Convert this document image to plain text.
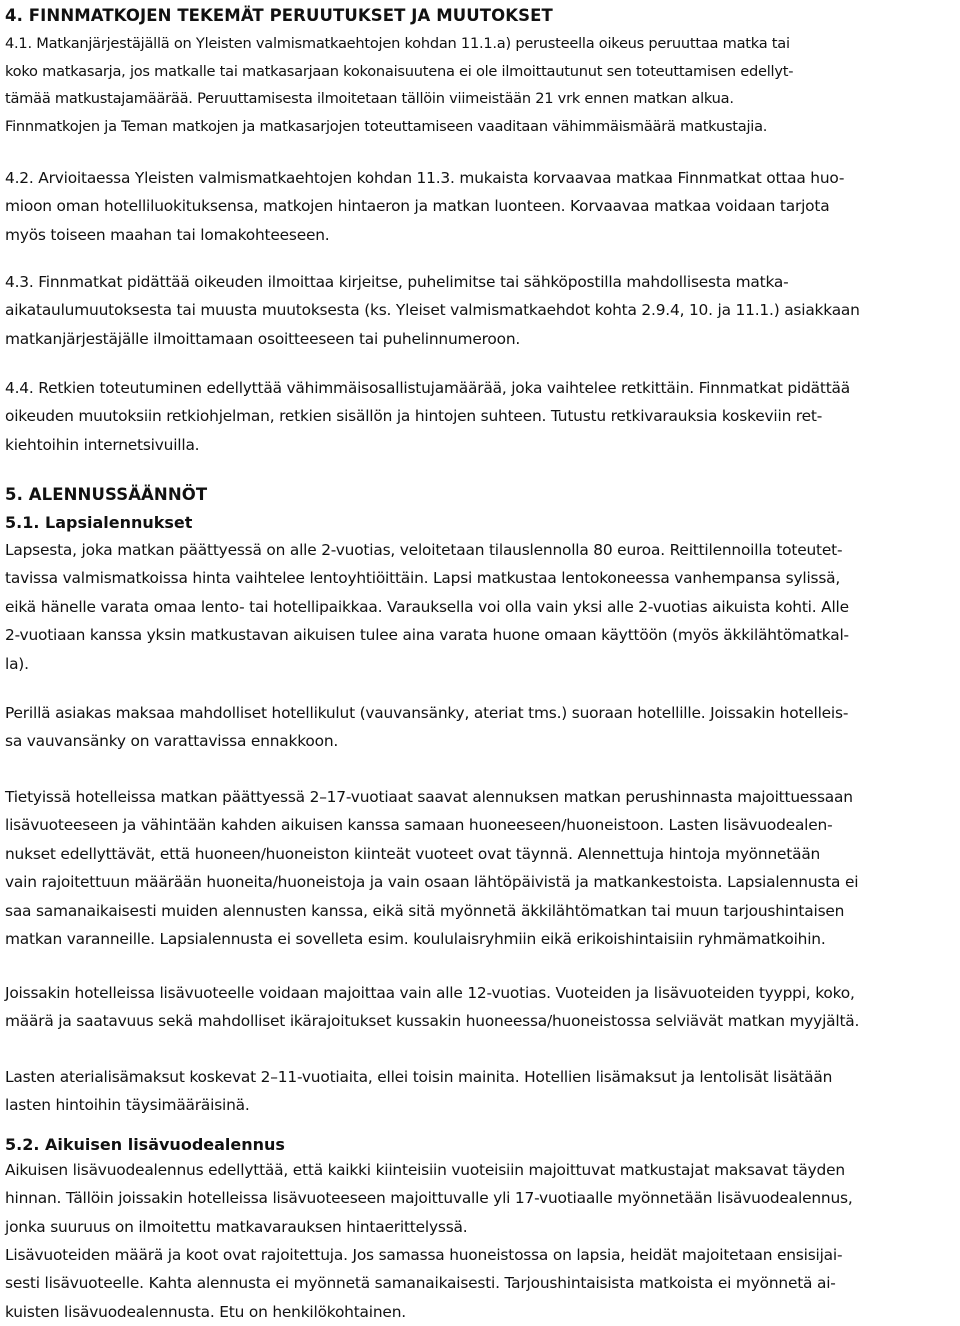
4. FINNMATKOJEN TEKEMÄT PERUUTUKSET JA MUUTOKSET
4.1. Matkanjärjestäjällä on Yleisten valmismatkaehtojen kohdan 11.1.a) perusteella oikeus peruuttaa matka tai
koko matkasarja, jos matkalle tai matkasarjaan kokonaisuutena ei ole ilmoittautunut sen toteuttamisen edellyt-
tämää matkustajamäärää. Peruuttamisesta ilmoitetaan tällöin viimeistään 21 vrk ennen matkan alkua.
Finnmatkojen ja Teman matkojen ja matkasarjojen toteuttamiseen vaaditaan vähimmäismäärä matkustajia.
4.2. Arvioitaessa Yleisten valmismatkaehtojen kohdan 11.3. mukaista korvaavaa matkaa Finnmatkat ottaa huo-
mioon oman hotelliluokituksensa, matkojen hintaeron ja matkan luonteen. Korvaavaa matkaa voidaan tarjota
myös toiseen maahan tai lomakohteeseen.
4.3. Finnmatkat pidättää oikeuden ilmoittaa kirjeitse, puhelimitse tai sähköpostilla mahdollisesta matka-
aikataulumuutoksesta tai muusta muutoksesta (ks. Yleiset valmismatkaehdot kohta 2.9.4, 10. ja 11.1.) asiakkaan
matkanjärjestäjälle ilmoittamaan osoitteeseen tai puhelinnumeroon.
4.4. Retkien toteutuminen edellyttää vähimmäisosallistujamäärää, joka vaihtelee retkittäin. Finnmatkat pidättää
oikeuden muutoksiin retkiohjelman, retkien sisällön ja hintojen suhteen. Tutustu retkivarauksia koskeviin ret-
kiehtoihin internetsivuilla.
5. ALENNUSSÄÄNNÖT
5.1. Lapsialennukset
Lapsesta, joka matkan päättyessä on alle 2-vuotias, veloitetaan tilauslennolla 80 euroa. Reittilennoilla toteutet-
tavissa valmismatkoissa hinta vaihtelee lentoyhtiöittäin. Lapsi matkustaa lentokoneessa vanhempansa sylissä,
eikä hänelle varata omaa lento- tai hotellipaikkaa. Varauksella voi olla vain yksi alle 2-vuotias aikuista kohti. Alle
2-vuotiaan kanssa yksin matkustavan aikuisen tulee aina varata huone omaan käyttöön (myös äkkilähtömatkal-
la).
Perillä asiakas maksaa mahdolliset hotellikulut (vauvansänky, ateriat tms.) suoraan hotellille. Joissakin hotelleis-
sa vauvansänky on varattavissa ennakkoon.
Tietyissä hotelleissa matkan päättyessä 2–17-vuotiaat saavat alennuksen matkan perushinnasta majoittuessaan
lisävuoteeseen ja vähintään kahden aikuisen kanssa samaan huoneeseen/huoneistoon. Lasten lisävuodealen-
nukset edellyttävät, että huoneen/huoneiston kiinteät vuoteet ovat täynnä. Alennettuja hintoja myönnetään
vain rajoitettuun määrään huoneita/huoneistoja ja vain osaan lähtöpäivistä ja matkankestoista. Lapsialennusta ei
saa samanaikaisesti muiden alennusten kanssa, eikä sitä myönnetä äkkilähtömatkan tai muun tarjoushintaisen
matkan varanneille. Lapsialennusta ei sovelleta esim. koululaisryhmiin eikä erikoishintaisiin ryhmämatkoihin.
Joissakin hotelleissa lisävuoteelle voidaan majoittaa vain alle 12-vuotias. Vuoteiden ja lisävuoteiden tyyppi, koko,
määrä ja saatavuus sekä mahdolliset ikärajoitukset kussakin huoneessa/huoneistossa selviävät matkan myyjältä.
Lasten aterialisämaksut koskevat 2–11-vuotiaita, ellei toisin mainita. Hotellien lisämaksut ja lentolisät lisätään
lasten hintoihin täysimääräisinä.
5.2. Aikuisen lisävuodealennus
Aikuisen lisävuodealennus edellyttää, että kaikki kiinteisiin vuoteisiin majoittuvat matkustajat maksavat täyden
hinnan. Tällöin joissakin hotelleissa lisävuoteeseen majoittuvalle yli 17-vuotiaalle myönnetään lisävuodealennus,
jonka suuruus on ilmoitettu matkavarauksen hintaerittelyssä.
Lisävuoteiden määrä ja koot ovat rajoitettuja. Jos samassa huoneistossa on lapsia, heidät majoitetaan ensisijai-
sesti lisävuoteelle. Kahta alennusta ei myönnetä samanaikaisesti. Tarjoushintaisista matkoista ei myönnetä ai-
kuisten lisävuodealennusta. Etu on henkilökohtainen.
